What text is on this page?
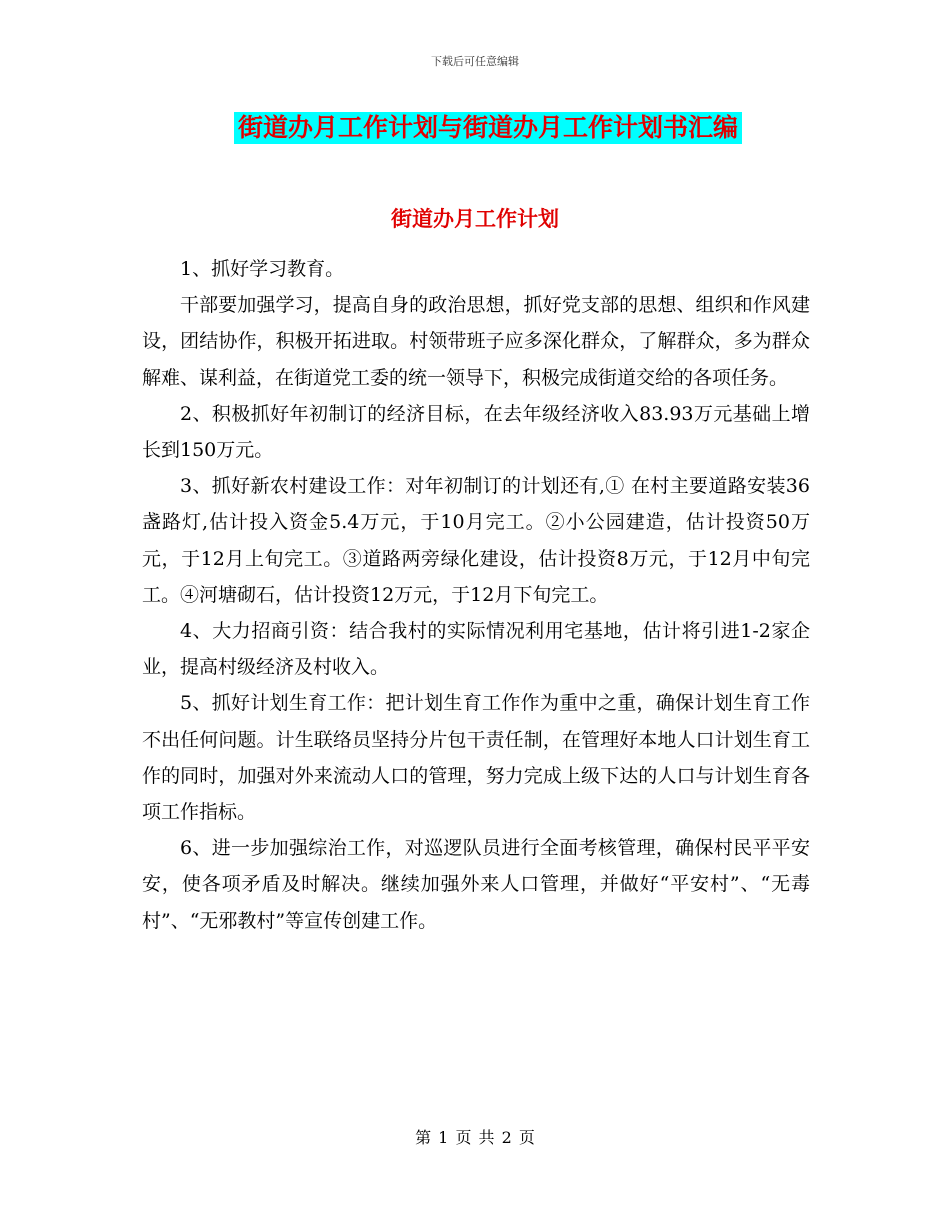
下载后可任意编辑
街道办月工作计划与街道办月工作计划书汇编
街道办月工作计划

1、抓好学习教育。

干部要加强学习，提高自身的政治思想，抓好党支部的思想、组织和作风建设，团结协作，积极开拓进取。村领带班子应多深化群众，了解群众，多为群众解难、谋利益，在街道党工委的统一领导下，积极完成街道交给的各项任务。

2、积极抓好年初制订的经济目标，在去年级经济收入83.93万元基础上增长到150万元。

3、抓好新农村建设工作：对年初制订的计划还有,① 在村主要道路安装36盏路灯,估计投入资金5.4万元，于10月完工。②小公园建造，估计投资50万元，于12月上旬完工。③道路两旁绿化建设，估计投资8万元，于12月中旬完工。④河塘砌石，估计投资12万元，于12月下旬完工。

4、大力招商引资：结合我村的实际情况利用宅基地，估计将引进1-2家企业，提高村级经济及村收入。

5、抓好计划生育工作：把计划生育工作作为重中之重，确保计划生育工作不出任何问题。计生联络员坚持分片包干责任制，在管理好本地人口计划生育工作的同时，加强对外来流动人口的管理，努力完成上级下达的人口与计划生育各项工作指标。

6、进一步加强综治工作，对巡逻队员进行全面考核管理，确保村民平平安安，使各项矛盾及时解决。继续加强外来人口管理，并做好“平安村”、“无毒村”、“无邪教村”等宣传创建工作。

第 1 页 共 2 页
